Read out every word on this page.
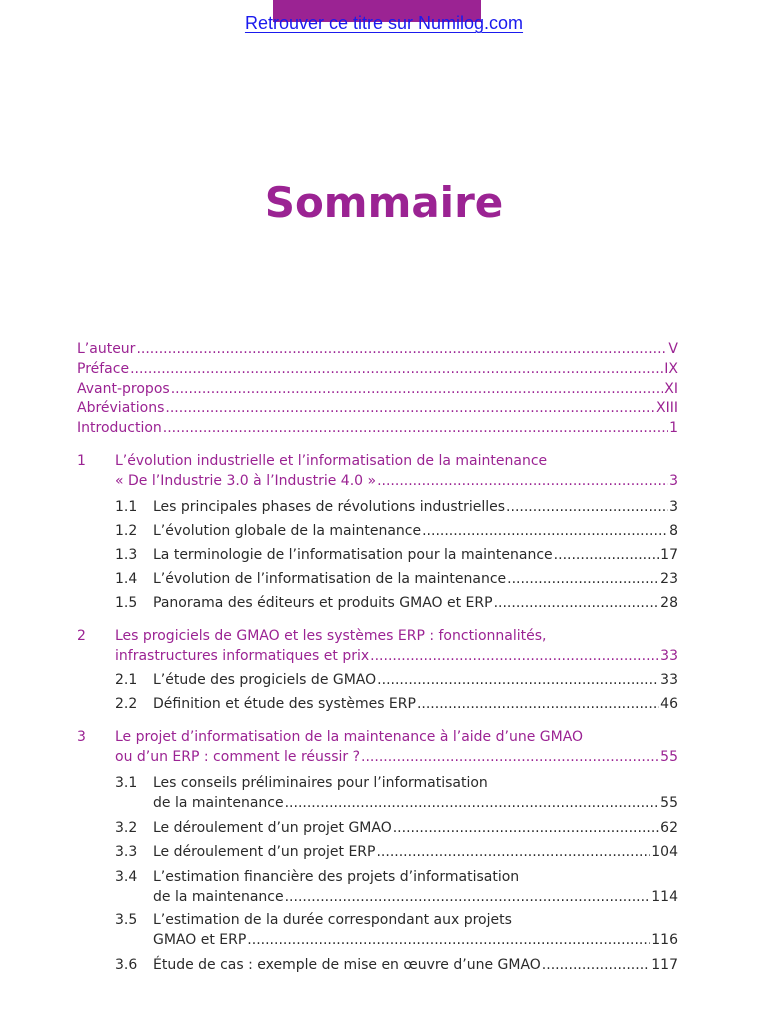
Retrouver ce titre sur Numilog.com
Sommaire
L’auteur .....	V
Préface .....	IX
Avant-propos .....	XI
Abréviations .....	XIII
Introduction .....	1
1 L’évolution industrielle et l’informatisation de la maintenance
« De l’Industrie 3.0 à l’Industrie 4.0 » .....	3
1.1 Les principales phases de révolutions industrielles .....	3
1.2 L’évolution globale de la maintenance .....	8
1.3 La terminologie de l’informatisation pour la maintenance .....	17
1.4 L’évolution de l’informatisation de la maintenance .....	23
1.5 Panorama des éditeurs et produits GMAO et ERP .....	28
2 Les progiciels de GMAO et les systèmes ERP : fonctionnalités,
infrastructures informatiques et prix .....	33
2.1 L’étude des progiciels de GMAO .....	33
2.2 Définition et étude des systèmes ERP .....	46
3 Le projet d’informatisation de la maintenance à l’aide d’une GMAO
ou d’un ERP : comment le réussir ? .....	55
3.1 Les conseils préliminaires pour l’informatisation
de la maintenance .....	55
3.2 Le déroulement d’un projet GMAO .....	62
3.3 Le déroulement d’un projet ERP .....	104
3.4 L’estimation financière des projets d’informatisation
de la maintenance .....	114
3.5 L’estimation de la durée correspondant aux projets
GMAO et ERP .....	116
3.6 Étude de cas : exemple de mise en œuvre d’une GMAO .....	117
